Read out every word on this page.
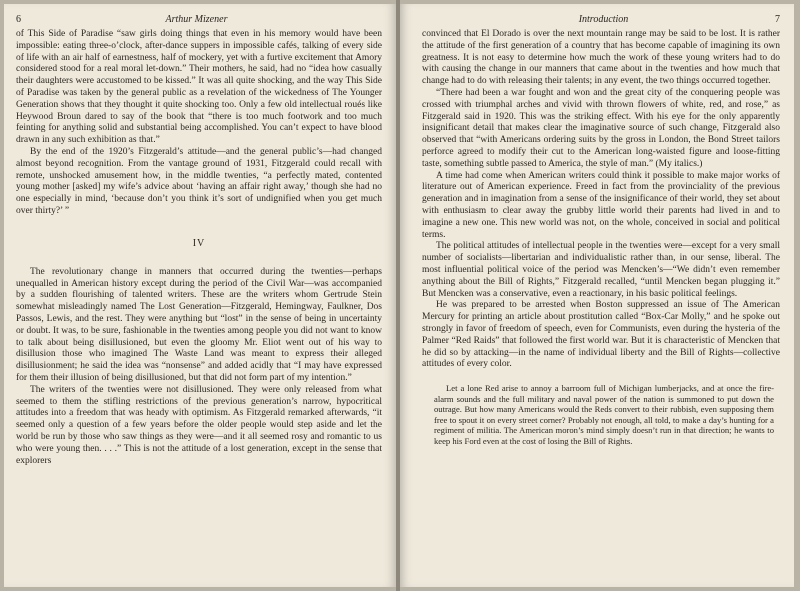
6	Arthur Mizener

of This Side of Paradise “saw girls doing things that even in his memory would have been impossible: eating three-o’clock, after-dance suppers in impossible cafés, talking of every side of life with an air half of earnestness, half of mockery, yet with a furtive excitement that Amory considered stood for a real moral let-down.” Their mothers, he said, had no “idea how casually their daughters were accustomed to be kissed.” It was all quite shocking, and the way This Side of Paradise was taken by the general public as a revelation of the wickedness of The Younger Generation shows that they thought it quite shocking too. Only a few old intellectual roués like Heywood Broun dared to say of the book that “there is too much footwork and too much feinting for anything solid and substantial being accomplished. You can’t expect to have blood drawn in any such exhibition as that.”

By the end of the 1920’s Fitzgerald’s attitude—and the general public’s—had changed almost beyond recognition. From the vantage ground of 1931, Fitzgerald could recall with remote, unshocked amusement how, in the middle twenties, “a perfectly mated, contented young mother [asked] my wife’s advice about ‘having an affair right away,’ though she had no one especially in mind, ‘because don’t you think it’s sort of undignified when you get much over thirty?’ ”

IV

The revolutionary change in manners that occurred during the twenties—perhaps unequalled in American history except during the period of the Civil War—was accompanied by a sudden flourishing of talented writers. These are the writers whom Gertrude Stein somewhat misleadingly named The Lost Generation—Fitzgerald, Hemingway, Faulkner, Dos Passos, Lewis, and the rest. They were anything but “lost” in the sense of being in uncertainty or doubt. It was, to be sure, fashionable in the twenties among people you did not want to know to talk about being disillusioned, but even the gloomy Mr. Eliot went out of his way to disillusion those who imagined The Waste Land was meant to express their alleged disillusionment; he said the idea was “nonsense” and added acidly that “I may have expressed for them their illusion of being disillusioned, but that did not form part of my intention.”

The writers of the twenties were not disillusioned. They were only released from what seemed to them the stifling restrictions of the previous generation’s narrow, hypocritical attitudes into a freedom that was heady with optimism. As Fitzgerald remarked afterwards, “it seemed only a question of a few years before the older people would step aside and let the world be run by those who saw things as they were—and it all seemed rosy and romantic to us who were young then. . . .” This is not the attitude of a lost generation, except in the sense that explorers

Introduction	7

convinced that El Dorado is over the next mountain range may be said to be lost. It is rather the attitude of the first generation of a country that has become capable of imagining its own greatness. It is not easy to determine how much the work of these young writers had to do with causing the change in our manners that came about in the twenties and how much that change had to do with releasing their talents; in any event, the two things occurred together.

“There had been a war fought and won and the great city of the conquering people was crossed with triumphal arches and vivid with thrown flowers of white, red, and rose,” as Fitzgerald said in 1920. This was the striking effect. With his eye for the only apparently insignificant detail that makes clear the imaginative source of such change, Fitzgerald also observed that “with Americans ordering suits by the gross in London, the Bond Street tailors perforce agreed to modify their cut to the American long-waisted figure and loose-fitting taste, something subtle passed to America, the style of man.” (My italics.)

A time had come when American writers could think it possible to make major works of literature out of American experience. Freed in fact from the provinciality of the previous generation and in imagination from a sense of the insignificance of their world, they set about with enthusiasm to clear away the grubby little world their parents had lived in and to imagine a new one. This new world was not, on the whole, conceived in social and political terms.

The political attitudes of intellectual people in the twenties were—except for a very small number of socialists—libertarian and individualistic rather than, in our sense, liberal. The most influential political voice of the period was Mencken’s—“We didn’t even remember anything about the Bill of Rights,” Fitzgerald recalled, “until Mencken began plugging it.” But Mencken was a conservative, even a reactionary, in his basic political feelings.

He was prepared to be arrested when Boston suppressed an issue of The American Mercury for printing an article about prostitution called “Box-Car Molly,” and he spoke out strongly in favor of freedom of speech, even for Communists, even during the hysteria of the Palmer “Red Raids” that followed the first world war. But it is characteristic of Mencken that he did so by attacking—in the name of individual liberty and the Bill of Rights—collective attitudes of every color.

Let a lone Red arise to annoy a barroom full of Michigan lumberjacks, and at once the fire-alarm sounds and the full military and naval power of the nation is summoned to put down the outrage. But how many Americans would the Reds convert to their rubbish, even supposing them free to spout it on every street corner? Probably not enough, all told, to make a day’s hunting for a regiment of militia. The American moron’s mind simply doesn’t run in that direction; he wants to keep his Ford even at the cost of losing the Bill of Rights.
